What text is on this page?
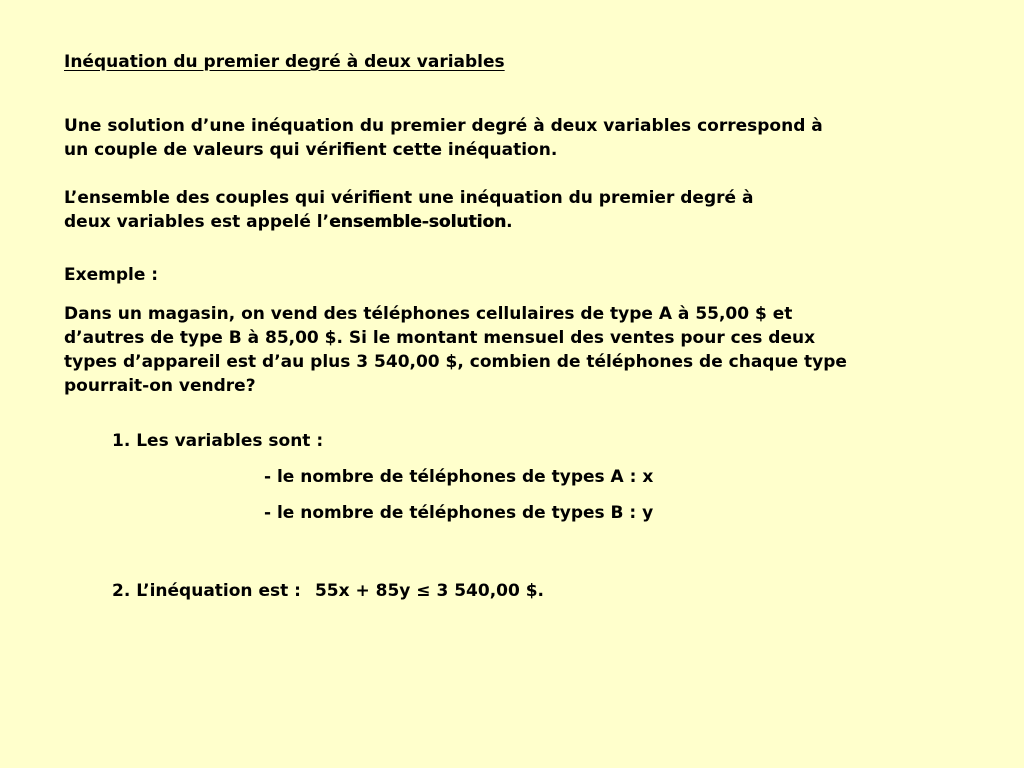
Inéquation du premier degré à deux variables
Une solution d’une inéquation du premier degré à deux variables correspond à
un couple de valeurs qui vérifient cette inéquation.
L’ensemble des couples qui vérifient une inéquation du premier degré à
deux variables est appelé l’ensemble-solution.
Exemple :
Dans un magasin, on vend des téléphones cellulaires de type A à 55,00 $ et
d’autres de type B à 85,00 $. Si le montant mensuel des ventes pour ces deux
types d’appareil est d’au plus 3 540,00 $, combien de téléphones de chaque type
pourrait-on vendre?
1. Les variables sont :
- le nombre de téléphones de types A : x
- le nombre de téléphones de types B : y
2. L’inéquation est : 55x + 85y ≤ 3 540,00 $.
